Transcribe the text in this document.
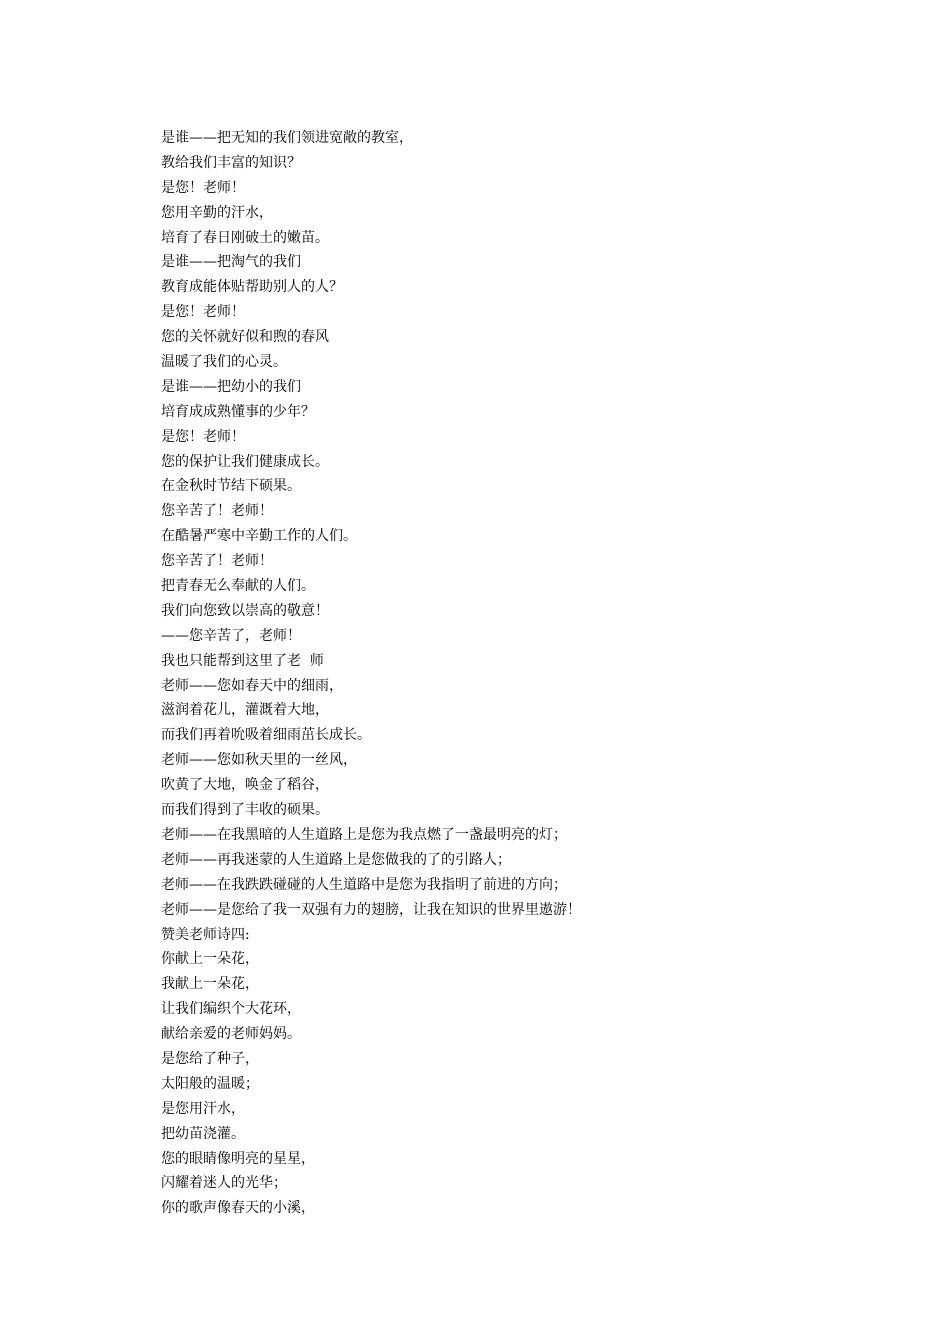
是谁——把无知的我们领进宽敞的教室，
教给我们丰富的知识？
是您！老师！
您用辛勤的汗水，
培育了春日刚破土的嫩苗。
是谁——把淘气的我们
教育成能体贴帮助别人的人？
是您！老师！
您的关怀就好似和煦的春风
温暖了我们的心灵。
是谁——把幼小的我们
培育成成熟懂事的少年？
是您！老师！
您的保护让我们健康成长。
在金秋时节结下硕果。
您辛苦了！老师！
在酷暑严寒中辛勤工作的人们。
您辛苦了！老师！
把青春无么奉献的人们。
我们向您致以崇高的敬意！
——您辛苦了，老师！
我也只能帮到这里了老  师
老师——您如春天中的细雨，
滋润着花儿，灌溉着大地，
而我们再着吮吸着细雨茁长成长。
老师——您如秋天里的一丝风，
吹黄了大地，唤金了稻谷，
而我们得到了丰收的硕果。
老师——在我黑暗的人生道路上是您为我点燃了一盏最明亮的灯；
老师——再我迷蒙的人生道路上是您做我的了的引路人；
老师——在我跌跌碰碰的人生道路中是您为我指明了前进的方向；
老师——是您给了我一双强有力的翅膀，让我在知识的世界里遨游！
赞美老师诗四:
你献上一朵花，
我献上一朵花，
让我们编织个大花环，
献给亲爱的老师妈妈。
是您给了种子，
太阳般的温暖；
是您用汗水，
把幼苗浇灌。
您的眼睛像明亮的星星，
闪耀着迷人的光华；
你的歌声像春天的小溪，
